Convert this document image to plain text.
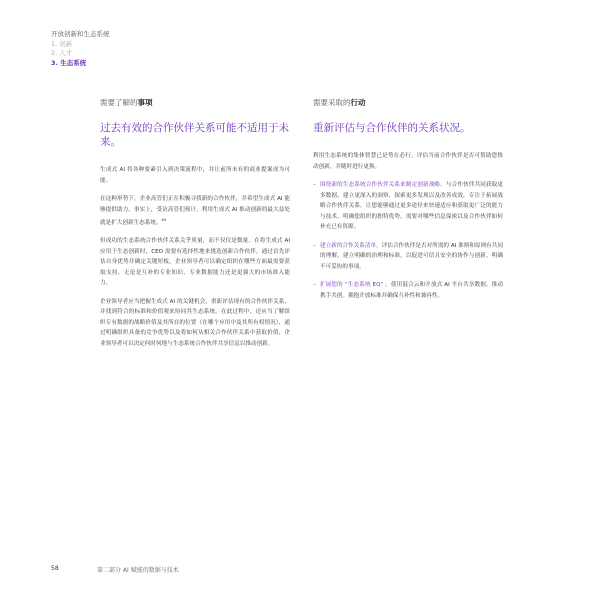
开放创新和生态系统
1. 创新
2. 人才
3. 生态系统
需要了解的事项
过去有效的合作伙伴关系可能不适用于未来。

生成式 AI 将各种要素引入到决策流程中，并让前所未有的商业提案成为可能。

在这种形势下，企业高管们正在积极寻找新的合作伙伴，并希望生成式 AI 能够提供助力。事实上，受访高管们预计，利用生成式 AI 推动创新的最大益处就是扩大创新生态系统。$^{64}$

但成功的生态系统合作伙伴关系关乎质量，而不仅仅是数量。在将生成式 AI 应用于生态创新时，CEO 需要有选择性地来挑选创新合作伙伴。通过首先评估自身优势并确定关键短板，企业领导者可以确定组织在哪些方面最需要获取支持，无论是互补的专业知识、专业数据能力还是更强大的市场准入能力。

企业领导者应当把握生成式 AI 的关键机会，重新评估现有的合作伙伴关系，并找到符合的标准和价值观来协同其生态系统。在此过程中，还应当了解组织专有数据的战略价值及其所在的位置（在哪个应用中及其所有权情况），通过明确组织具备的竞争优势以及将如何从相关合作伙伴关系中获取价值，企业领导者可以决定何时何地与生态系统合作伙伴共享信息以推动创新。

需要采取的行动
重新评估与合作伙伴的关系状况。

利用生态系统的集体智慧已是势在必行。评估当前合作伙伴是否可帮助您推动创新，并随时进行更换。

– 围绕新的生态系统合作伙伴关系来制定创新战略。与合作伙伴共同获取更多数据、建立更深入的洞察、探索更多发现以及改善成效。专注于拓展战略合作伙伴关系，让您能够通过更多途径来快速适应和获取更广泛的能力与技术。明确您组织的独特优势、需要对哪些信息保密以及合作伙伴如何补充已有资源。
– 建立新的合作关系清单。评估合作伙伴是否对所需的 AI 准则和原则有共同的理解。建立明确的治理和标准，以促进可信且安全的协作与创新。明确不可妥协的事项。
– 扩展您的 “生态系统 EQ” 。使用混合云和开放式 AI 平台共享数据，推动携手共创。拥抱开放标准并确保互补性和兼容性。
58	第二部分 AI 赋能的数据与技术
